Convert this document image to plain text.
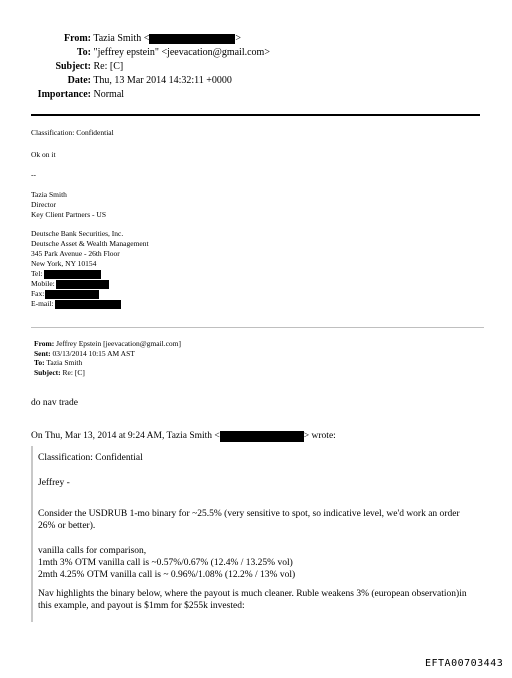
From: Tazia Smith <	>
To: "jeffrey epstein" <jeevacation@gmail.com>
Subject: Re: [C]
Date: Thu, 13 Mar 2014 14:32:11 +0000
Importance: Normal
Classification: Confidential
Ok on it
--
Tazia Smith
Director
Key Client Partners - US
Deutsche Bank Securities, Inc.
Deutsche Asset & Wealth Management
345 Park Avenue - 26th Floor
New York, NY 10154
Tel:
Mobile:
Fax:
E-mail:
From: Jeffrey Epstein [jeevacation@gmail.com]
Sent: 03/13/2014 10:15 AM AST
To: Tazia Smith
Subject: Re: [C]
do nav trade
On Thu, Mar 13, 2014 at 9:24 AM, Tazia Smith <	> wrote:
Classification: Confidential
Jeffrey -
Consider the USDRUB 1-mo binary for ~25.5% (very sensitive to spot, so indicative level, we'd work an order 26% or better).
vanilla calls for comparison,
1mth 3% OTM vanilla call is ~0.57%/0.67% (12.4% / 13.25% vol)
2mth 4.25% OTM vanilla call is ~ 0.96%/1.08% (12.2% / 13% vol)
Nav highlights the binary below, where the payout is much cleaner. Ruble weakens 3% (european observation)in this example, and payout is $1mm for $255k invested:
EFTA00703443
